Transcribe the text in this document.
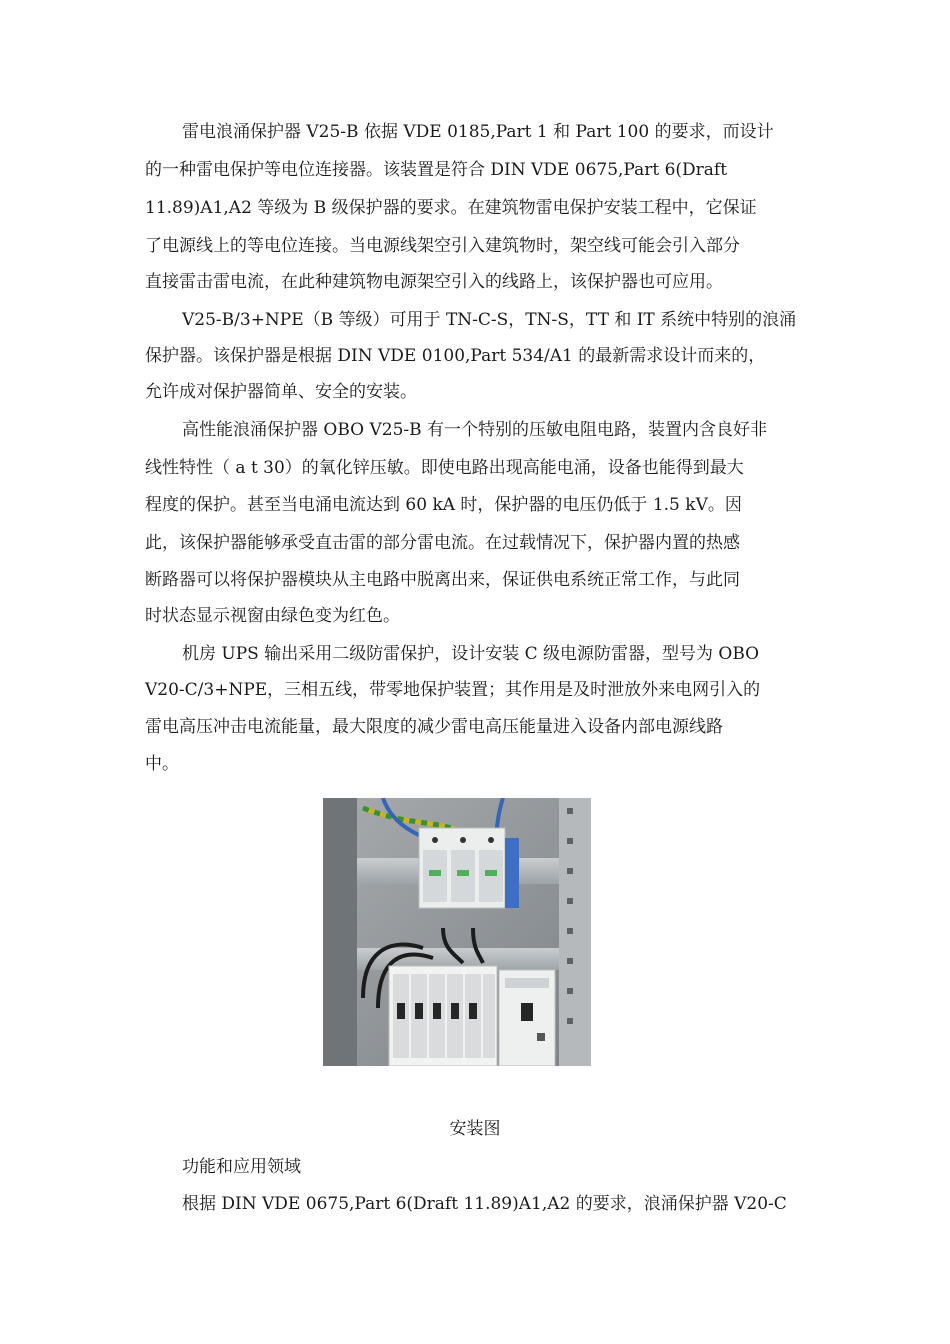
雷电浪涌保护器 V25-B 依据 VDE 0185,Part 1 和 Part 100 的要求，而设计
的一种雷电保护等电位连接器。该装置是符合 DIN VDE 0675,Part 6(Draft
11.89)A1,A2 等级为 B 级保护器的要求。在建筑物雷电保护安装工程中，它保证
了电源线上的等电位连接。当电源线架空引入建筑物时，架空线可能会引入部分
直接雷击雷电流，在此种建筑物电源架空引入的线路上，该保护器也可应用。
V25-B/3+NPE（B 等级）可用于 TN-C-S，TN-S，TT 和 IT 系统中特别的浪涌
保护器。该保护器是根据 DIN VDE 0100,Part 534/A1 的最新需求设计而来的，
允许成对保护器简单、安全的安装。
高性能浪涌保护器 OBO V25-B 有一个特别的压敏电阻电路，装置内含良好非
线性特性（ a t 30）的氧化锌压敏。即使电路出现高能电涌，设备也能得到最大
程度的保护。甚至当电涌电流达到 60 kA 时，保护器的电压仍低于 1.5 kV。因
此，该保护器能够承受直击雷的部分雷电流。在过载情况下，保护器内置的热感
断路器可以将保护器模块从主电路中脱离出来，保证供电系统正常工作，与此同
时状态显示视窗由绿色变为红色。
机房 UPS 输出采用二级防雷保护，设计安装 C 级电源防雷器，型号为 OBO
V20-C/3+NPE，三相五线，带零地保护装置；其作用是及时泄放外来电网引入的
雷电高压冲击电流能量，最大限度的减少雷电高压能量进入设备内部电源线路
中。
安装图
功能和应用领域
根据 DIN VDE 0675,Part 6(Draft 11.89)A1,A2 的要求，浪涌保护器 V20-C
